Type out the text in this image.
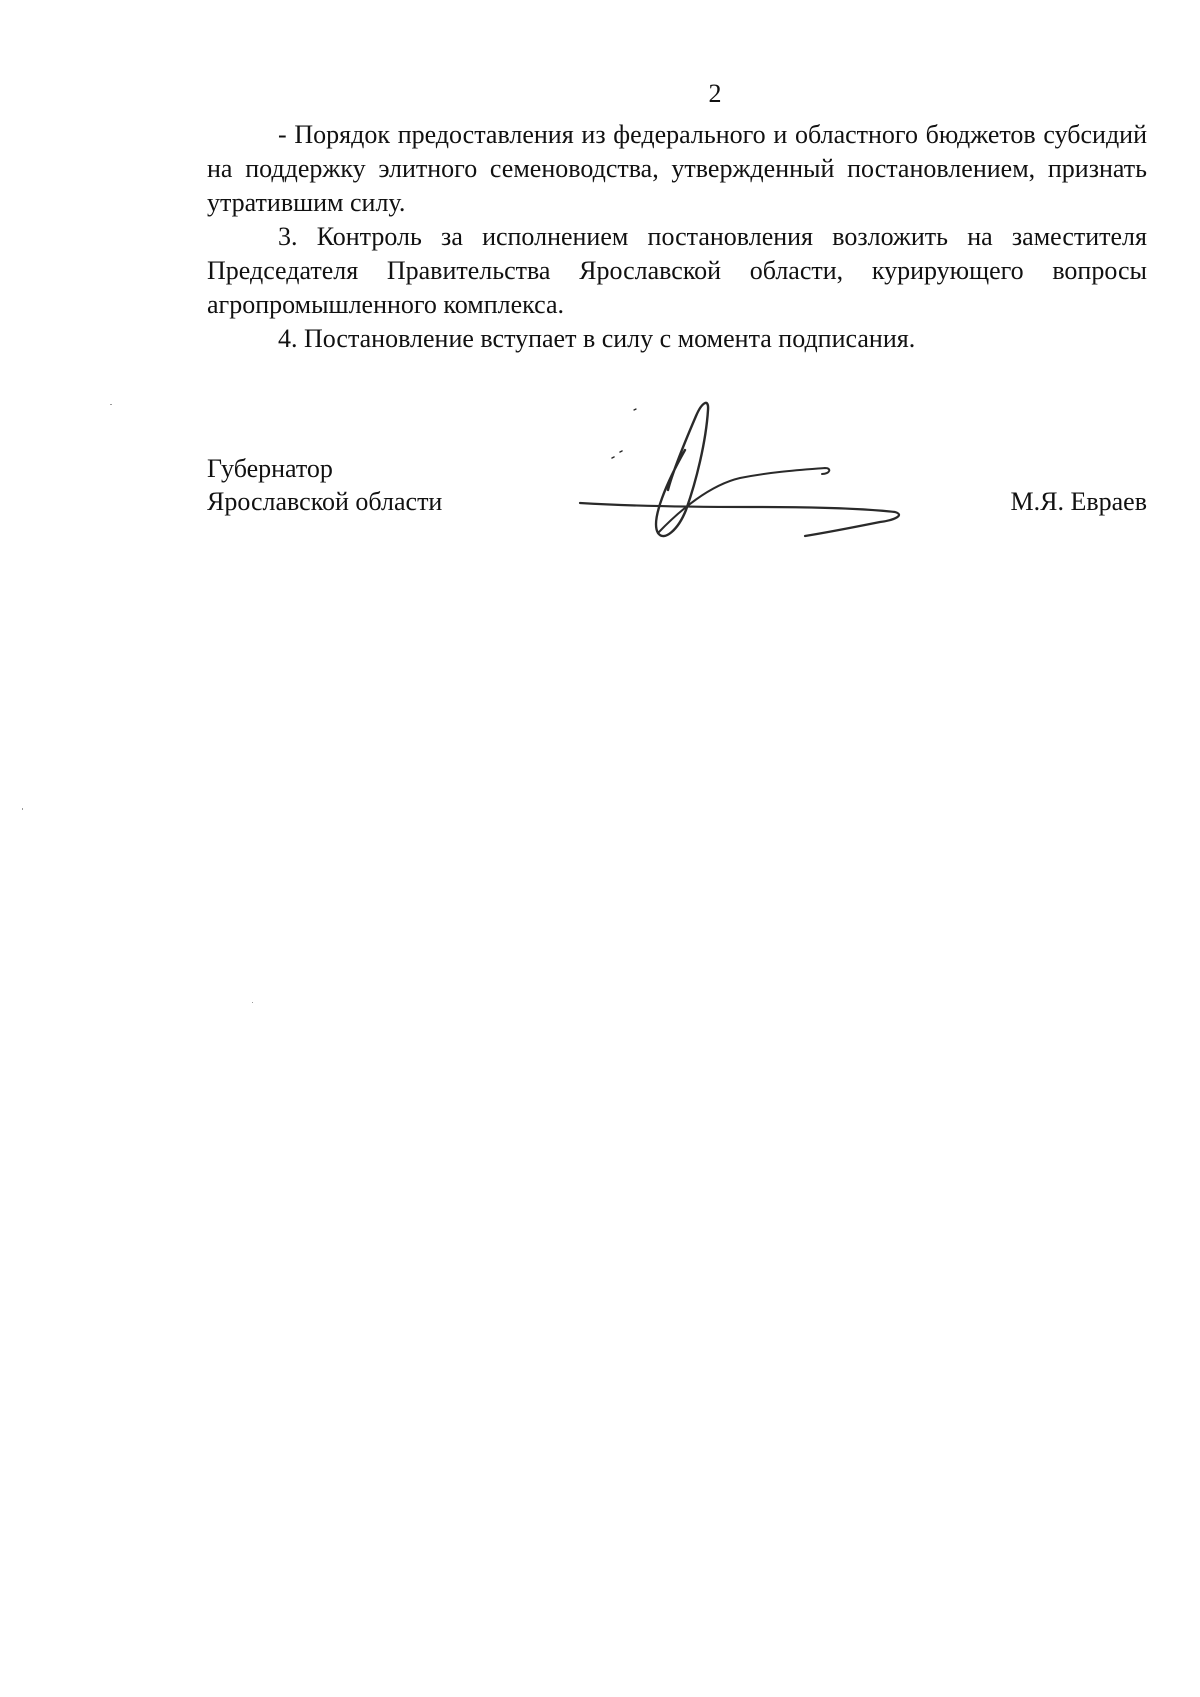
2

- Порядок предоставления из федерального и областного бюджетов субсидий на поддержку элитного семеноводства, утвержденный постановлением, признать утратившим силу.

3. Контроль за исполнением постановления возложить на заместителя Председателя Правительства Ярославской области, курирующего вопросы агропромышленного комплекса.

4. Постановление вступает в силу с момента подписания.

Губернатор
Ярославской области	М.Я. Евраев
